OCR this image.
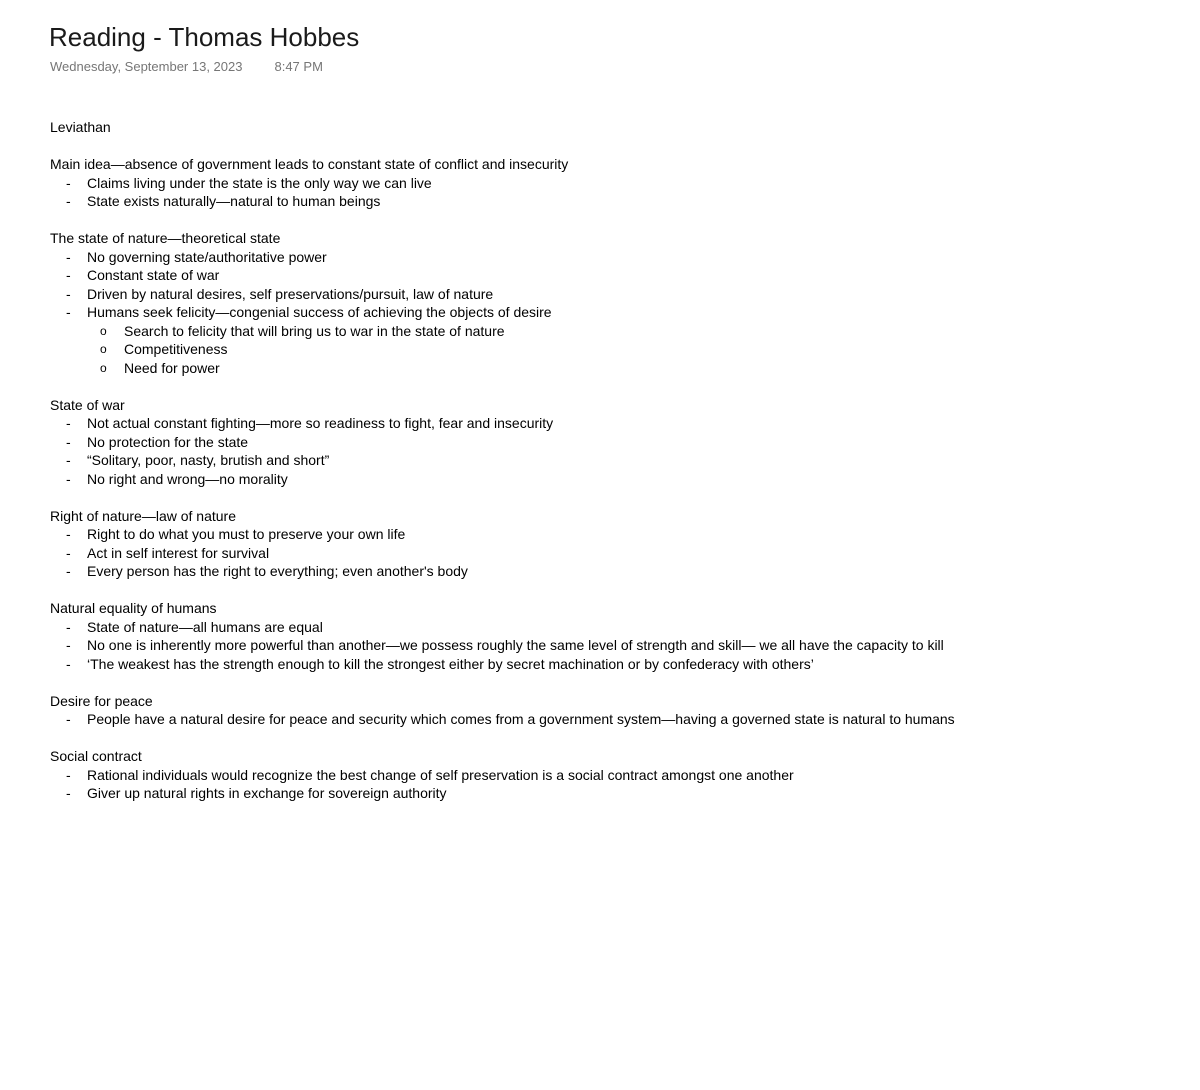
Reading - Thomas Hobbes
Wednesday, September 13, 2023 8:47 PM
Leviathan
Main idea—absence of government leads to constant state of conflict and insecurity
-	Claims living under the state is the only way we can live
-	State exists naturally—natural to human beings
The state of nature—theoretical state
-	No governing state/authoritative power
-	Constant state of war
-	Driven by natural desires, self preservations/pursuit, law of nature
-	Humans seek felicity—congenial success of achieving the objects of desire
o	Search to felicity that will bring us to war in the state of nature
o	Competitiveness
o	Need for power
State of war
-	Not actual constant fighting—more so readiness to fight, fear and insecurity
-	No protection for the state
-	“Solitary, poor, nasty, brutish and short”
-	No right and wrong—no morality
Right of nature—law of nature
-	Right to do what you must to preserve your own life
-	Act in self interest for survival
-	Every person has the right to everything; even another's body
Natural equality of humans
-	State of nature—all humans are equal
-	No one is inherently more powerful than another—we possess roughly the same level of strength and skill— we all have the capacity to kill
-	‘The weakest has the strength enough to kill the strongest either by secret machination or by confederacy with others’
Desire for peace
-	People have a natural desire for peace and security which comes from a government system—having a governed state is natural to humans
Social contract
-	Rational individuals would recognize the best change of self preservation is a social contract amongst one another
-	Giver up natural rights in exchange for sovereign authority
